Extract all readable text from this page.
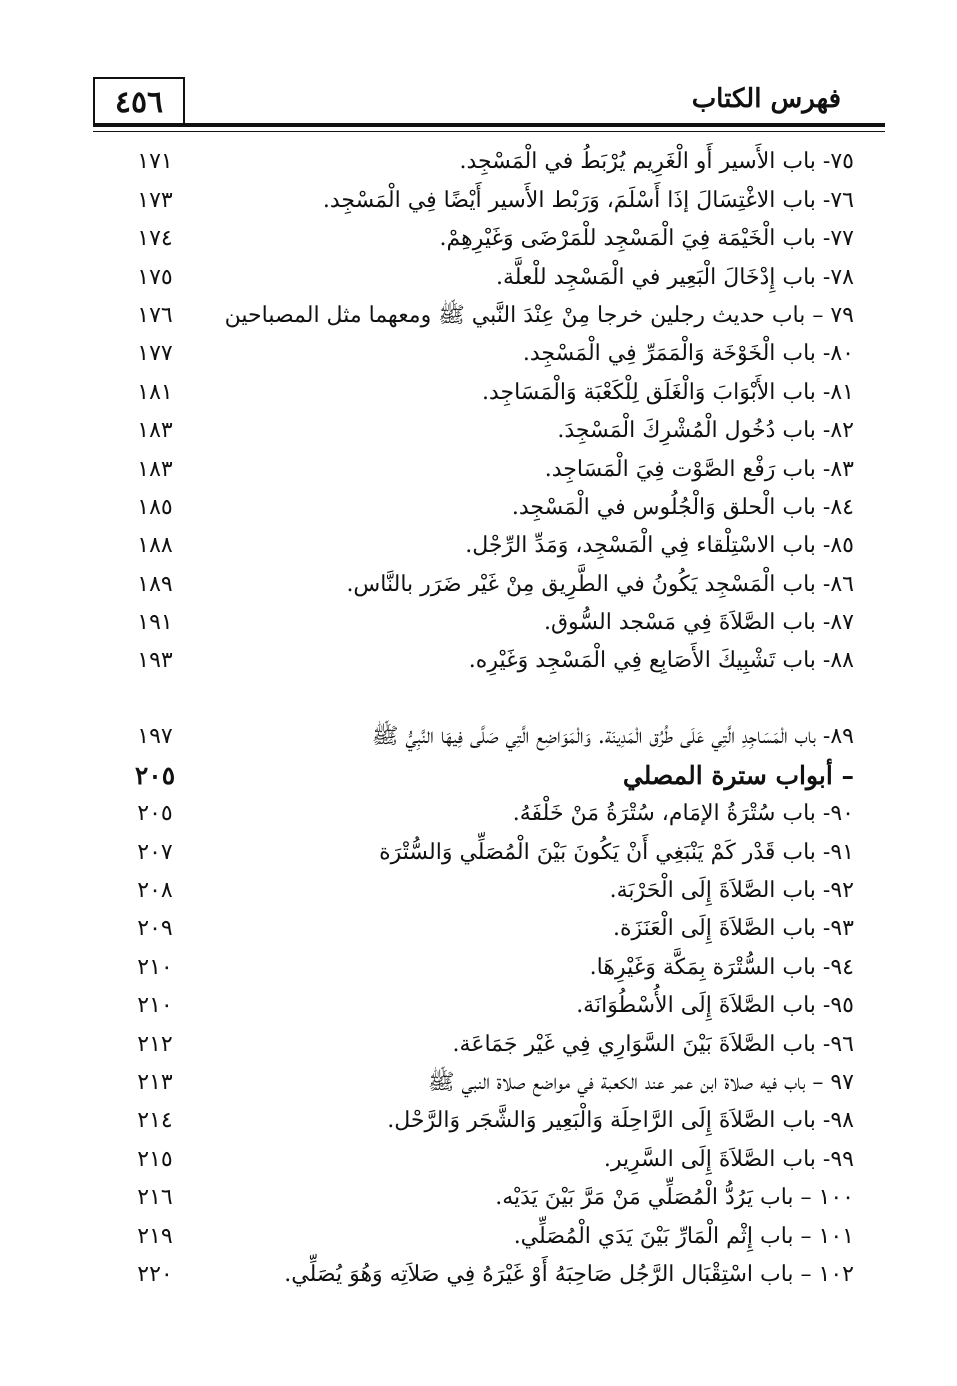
٤٥٦	فهرس الكتاب
٧٥- باب الأَسير أَو الْغَرِيم يُرْبَطُ في الْمَسْجِد.
١٧١
٧٦- باب الاغْتِسَالَ إذَا أَسْلَمَ، وَرَبْط الأَسير أَيْضًا فِي الْمَسْجِد.
١٧٣
٧٧- باب الْخَيْمَة فِيَ الْمَسْجِد للْمَرْضَى وَغَيْرِهِمْ.
١٧٤
٧٨- باب إِدْخَالَ الْبَعِير في الْمَسْجِد للْعلَّة.
١٧٥
٧٩ – باب حديث رجلين خرجا مِنْ عِنْدَ النَّبي ﷺ ومعهما مثل المصباحين
١٧٦
٨٠- باب الْخَوْخَة وَالْمَمَرِّ فِي الْمَسْجِد.
١٧٧
٨١- باب الأَبْوَابَ وَالْغَلَق لِلْكَعْبَة وَالْمَسَاجِد.
١٨١
٨٢- باب دُخُول الْمُشْرِكَ الْمَسْجِدَ.
١٨٣
٨٣- باب رَفْع الصَّوْت فِيَ الْمَسَاجِد.
١٨٣
٨٤- باب الْحلق وَالْجُلُوس في الْمَسْجِد.
١٨٥
٨٥- باب الاسْتِلْقاء فِي الْمَسْجِد، وَمَدِّ الرِّجْل.
١٨٨
٨٦- باب الْمَسْجِد يَكُونُ في الطَّرِيق مِنْ غَيْر ضَرَر بالنَّاس.
١٨٩
٨٧- باب الصَّلاَةَ فِي مَسْجد السُّوق.
١٩١
٨٨- باب تَشْبِيكَ الأَصَابِع فِي الْمَسْجِد وَغَيْرِه.
١٩٣
٨٩- باب الْمَسَاجِدِ الَّتِي عَلَى طُرُق الْمَدِينَة. وَالْمَوَاضِع الَّتِي صَلَّى فِيهَا النَّبِيُّ ﷺ
١٩٧
– أبواب سترة المصلي
٢٠٥
٩٠- باب سُتْرَةُ الإمَام، سُتْرَةُ مَنْ خَلْفَهُ.
٢٠٥
٩١- باب قَدْر كَمْ يَنْبَغِي أَنْ يَكُونَ بَيْنَ الْمُصَلِّي وَالسُّتْرَة
٢٠٧
٩٢- باب الصَّلاَةَ إِلَى الْحَرْبَة.
٢٠٨
٩٣- باب الصَّلاَةَ إِلَى الْعَنَزَة.
٢٠٩
٩٤- باب السُّتْرَة بِمَكَّة وَغَيْرِهَا.
٢١٠
٩٥- باب الصَّلاَةَ إِلَى الأُسْطُوَانَة.
٢١٠
٩٦- باب الصَّلاَةَ بَيْنَ السَّوَارِي فِي غَيْر جَمَاعَة.
٢١٢
٩٧ – باب فيه صلاة ابن عمر عند الكعبة في مواضع صلاة النبي ﷺ
٢١٣
٩٨- باب الصَّلاَةَ إِلَى الرَّاحِلَة وَالْبَعِير وَالشَّجَر وَالرَّحْل.
٢١٤
٩٩- باب الصَّلاَةَ إِلَى السَّرِير.
٢١٥
١٠٠ – باب يَرُدُّ الْمُصَلِّي مَنْ مَرَّ بَيْنَ يَدَيْه.
٢١٦
١٠١ – باب إِثْم الْمَارِّ بَيْنَ يَدَي الْمُصَلِّي.
٢١٩
١٠٢ – باب اسْتِقْبَال الرَّجُل صَاحِبَهُ أَوْ غَيْرَهُ فِي صَلاَتِه وَهُوَ يُصَلِّي.
٢٢٠
